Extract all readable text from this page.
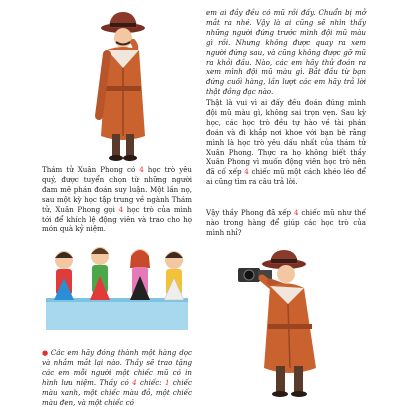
Thám tử Xuân Phong có 4 học trò yêu quý, được tuyển chọn từ những người đam mê phán đoán suy luận. Một lần nọ, sau một kỳ học tập trung về ngành Thám tử, Xuân Phong gọi 4 học trò của mình tới để khích lệ động viên và trao cho họ món quà kỷ niệm.

● Các em hãy đóng thành một hàng dọc và nhắm mắt lại nào. Thầy sẽ trao tặng các em mỗi người một chiếc mũ có in hình lưu niệm. Thầy có 4 chiếc: 1 chiếc màu xanh, một chiếc màu đỏ, một chiếc màu đen, và một chiếc có

em ai đầy đều có mũ rồi đấy. Chuẩn bị mở mắt ra nhé. Vậy là ai cũng sẽ nhìn thấy những người đứng trước mình đội mũ màu gì rồi. Nhưng không được quay ra xem người đứng sau, và cũng không được gỡ mũ ra khỏi đầu. Nào, các em hãy thử đoán ra xem mình đội mũ màu gì. Bắt đầu từ bạn đứng cuối hàng, lần lượt các em hãy trả lời thật đồng đạc nào.

Thật là vui vì ai đấy đều đoán đúng mình đội mũ màu gì, không sai trọn vẹn. Sau kỳ học, các học trò đều tự hào về tài phán đoán và đi khắp nơi khoe với bạn bè rằng mình là học trò yêu dấu nhất của thám tử Xuân Phong. Thực ra họ không biết thầy Xuân Phong vì muốn động viên học trò nên đã cố xếp 4 chiếc mũ một cách khéo léo để ai cũng tìm ra câu trả lời.

Vậy thầy Phong đã xếp 4 chiếc mũ như thế nào trong hàng để giúp các học trò của mình nhỉ?
